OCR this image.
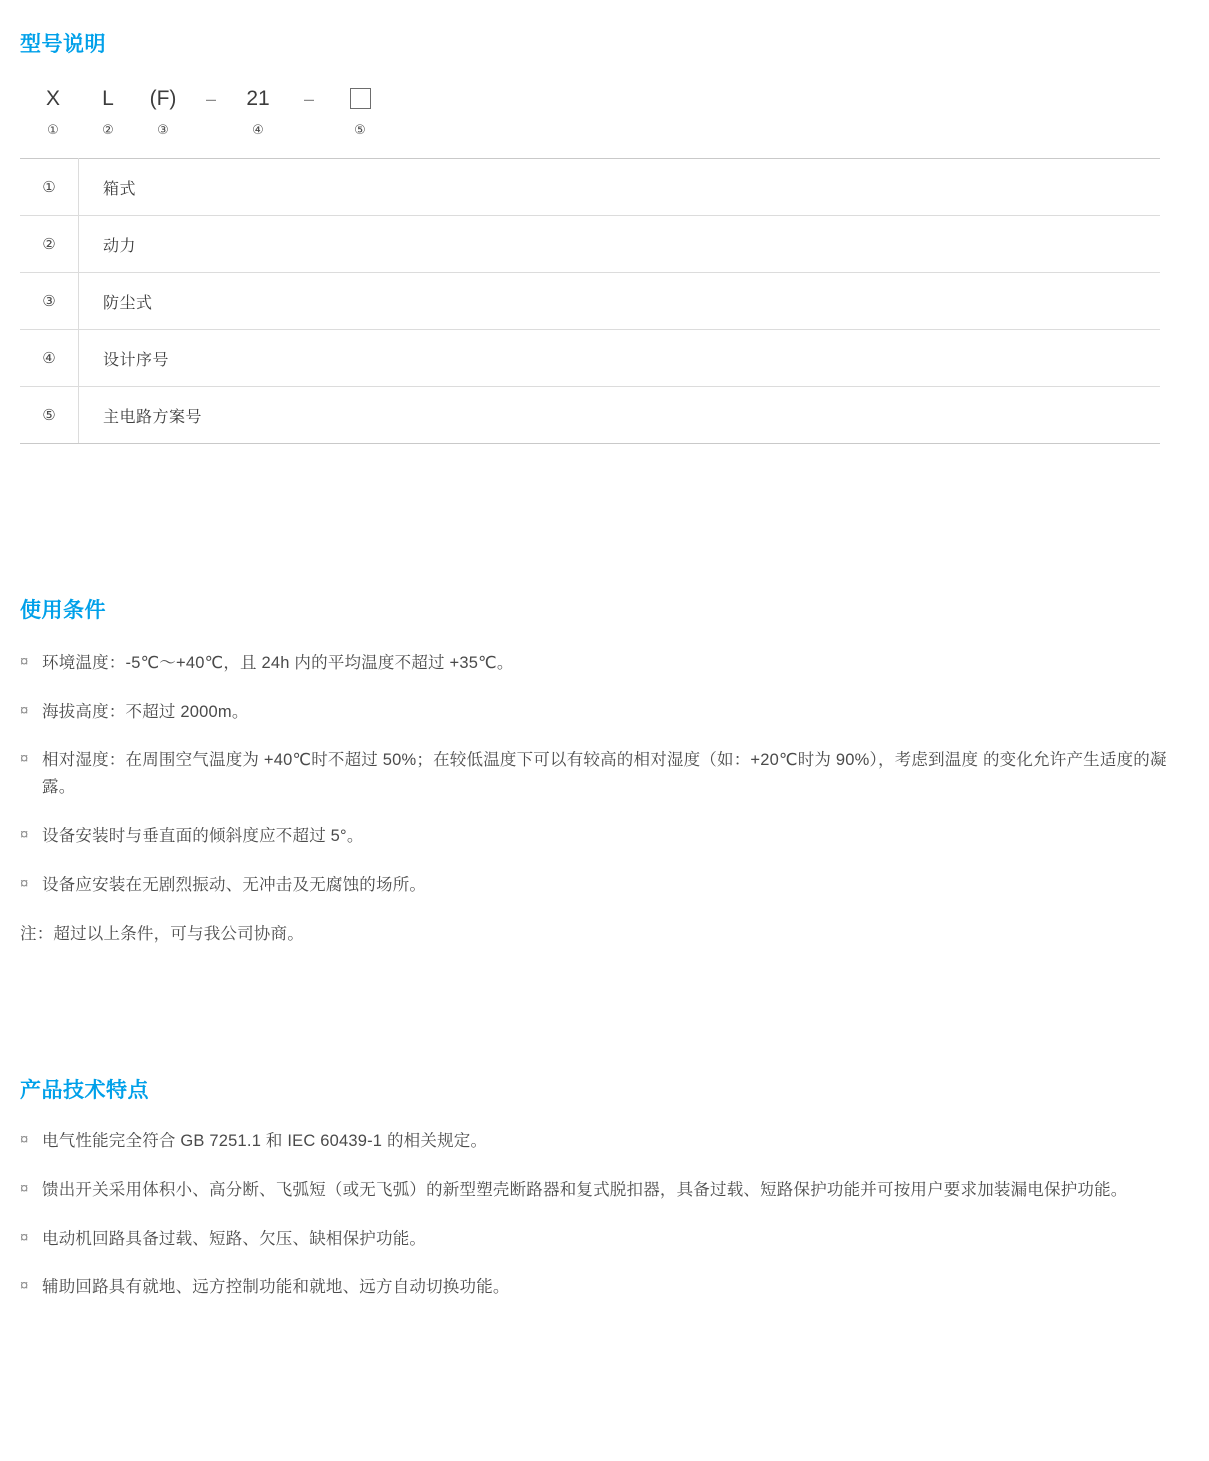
型号说明
X
①
L
②
(F)
③
–	21
④
–
⑤
①	箱式
②	动力
③	防尘式
④	设计序号
⑤	主电路方案号
使用条件
¤ 环境温度：-5℃～+40℃，且 24h 内的平均温度不超过 +35℃。
¤ 海拔高度：不超过 2000m。
¤ 相对湿度：在周围空气温度为 +40℃时不超过 50%；在较低温度下可以有较高的相对湿度（如：+20℃时为 90%），考虑到温度 的变化允许产生适度的凝露。
¤ 设备安装时与垂直面的倾斜度应不超过 5°。
¤ 设备应安装在无剧烈振动、无冲击及无腐蚀的场所。

注：超过以上条件，可与我公司协商。

产品技术特点
¤ 电气性能完全符合 GB 7251.1 和 IEC 60439-1 的相关规定。
¤ 馈出开关采用体积小、高分断、飞弧短（或无飞弧）的新型塑壳断路器和复式脱扣器，具备过载、短路保护功能并可按用户要求加装漏电保护功能。
¤ 电动机回路具备过载、短路、欠压、缺相保护功能。
¤ 辅助回路具有就地、远方控制功能和就地、远方自动切换功能。
